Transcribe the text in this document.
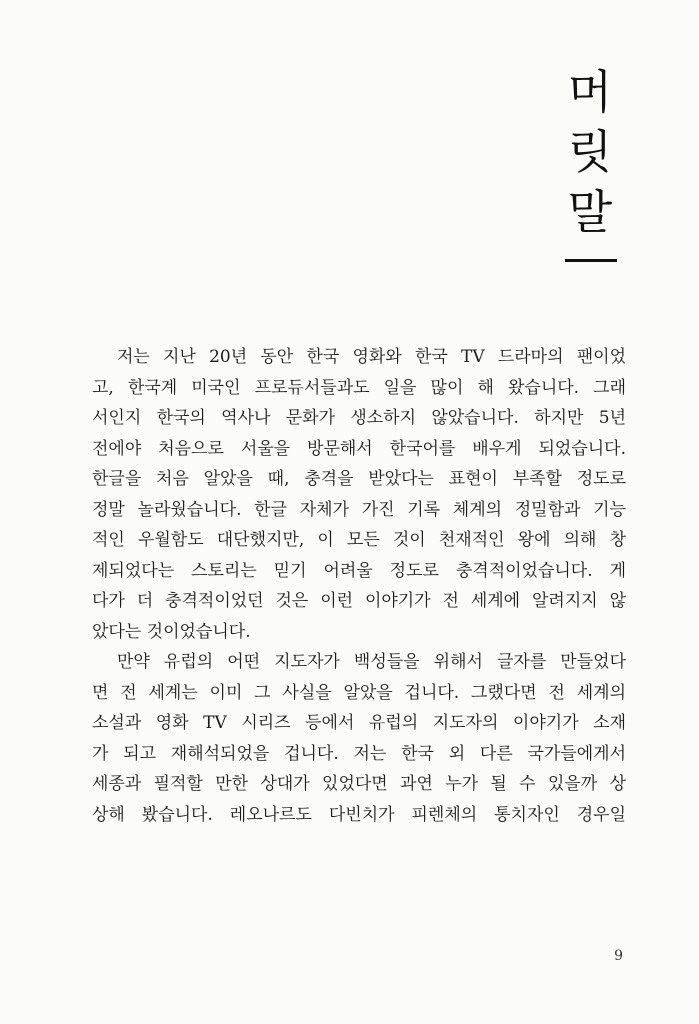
머
릿
말
저는 지난 20년 동안 한국 영화와 한국 TV 드라마의 팬이었
고, 한국계 미국인 프로듀서들과도 일을 많이 해 왔습니다. 그래
서인지 한국의 역사나 문화가 생소하지 않았습니다. 하지만 5년
전에야 처음으로 서울을 방문해서 한국어를 배우게 되었습니다.
한글을 처음 알았을 때, 충격을 받았다는 표현이 부족할 정도로
정말 놀라웠습니다. 한글 자체가 가진 기록 체계의 정밀함과 기능
적인 우월함도 대단했지만, 이 모든 것이 천재적인 왕에 의해 창
제되었다는 스토리는 믿기 어려울 정도로 충격적이었습니다. 게
다가 더 충격적이었던 것은 이런 이야기가 전 세계에 알려지지 않
았다는 것이었습니다.
만약 유럽의 어떤 지도자가 백성들을 위해서 글자를 만들었다
면 전 세계는 이미 그 사실을 알았을 겁니다. 그랬다면 전 세계의
소설과 영화 TV 시리즈 등에서 유럽의 지도자의 이야기가 소재
가 되고 재해석되었을 겁니다. 저는 한국 외 다른 국가들에게서
세종과 필적할 만한 상대가 있었다면 과연 누가 될 수 있을까 상
상해 봤습니다. 레오나르도 다빈치가 피렌체의 통치자인 경우일
9
